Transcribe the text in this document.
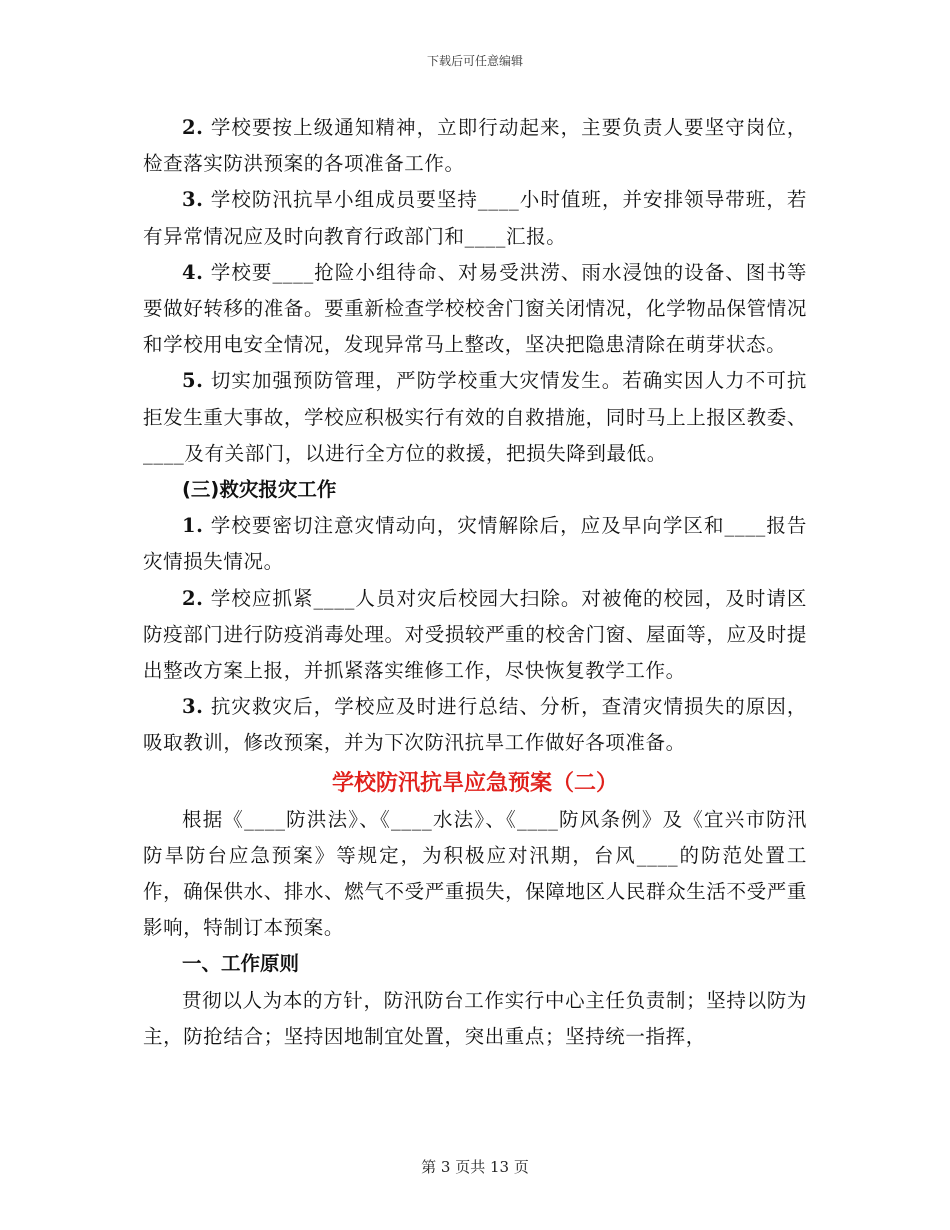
下载后可任意编辑

2. 学校要按上级通知精神，立即行动起来，主要负责人要坚守岗位，检查落实防洪预案的各项准备工作。

3. 学校防汛抗旱小组成员要坚持____小时值班，并安排领导带班，若有异常情况应及时向教育行政部门和____汇报。

4. 学校要____抢险小组待命、对易受洪涝、雨水浸蚀的设备、图书等要做好转移的准备。要重新检查学校校舍门窗关闭情况，化学物品保管情况和学校用电安全情况，发现异常马上整改，坚决把隐患清除在萌芽状态。

5. 切实加强预防管理，严防学校重大灾情发生。若确实因人力不可抗拒发生重大事故，学校应积极实行有效的自救措施，同时马上上报区教委、____及有关部门，以进行全方位的救援，把损失降到最低。

(三)救灾报灾工作

1. 学校要密切注意灾情动向，灾情解除后，应及早向学区和____报告灾情损失情况。

2. 学校应抓紧____人员对灾后校园大扫除。对被俺的校园，及时请区防疫部门进行防疫消毒处理。对受损较严重的校舍门窗、屋面等，应及时提出整改方案上报，并抓紧落实维修工作，尽快恢复教学工作。

3. 抗灾救灾后，学校应及时进行总结、分析，查清灾情损失的原因，吸取教训，修改预案，并为下次防汛抗旱工作做好各项准备。

学校防汛抗旱应急预案（二）

根据《____防洪法》、《____水法》、《____防风条例》及《宜兴市防汛防旱防台应急预案》等规定，为积极应对汛期，台风____的防范处置工作，确保供水、排水、燃气不受严重损失，保障地区人民群众生活不受严重影响，特制订本预案。

一、工作原则

贯彻以人为本的方针，防汛防台工作实行中心主任负责制；坚持以防为主，防抢结合；坚持因地制宜处置，突出重点；坚持统一指挥，

第 3 页共 13 页
